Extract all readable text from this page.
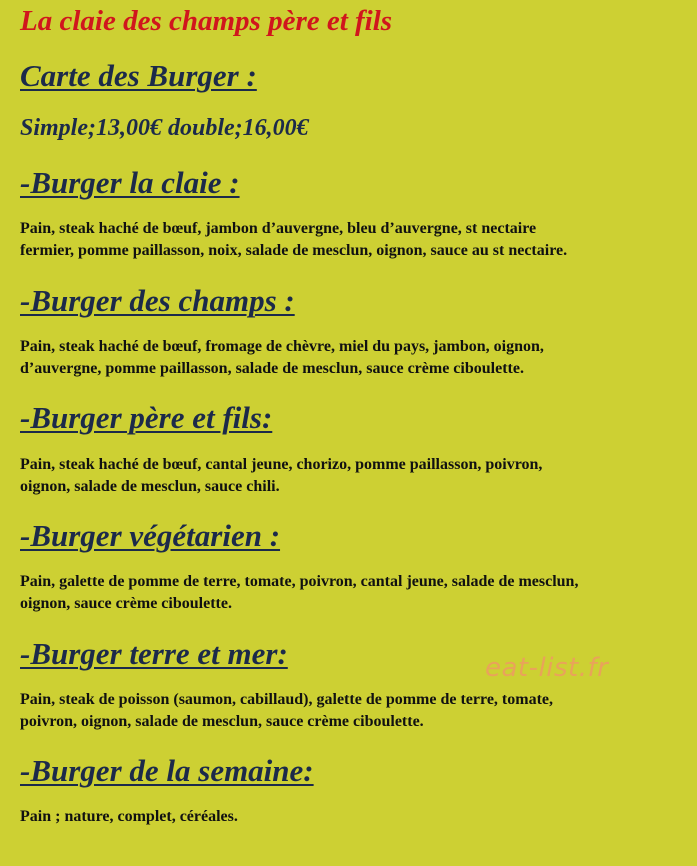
La claie des champs père et fils
Carte des Burger :

Simple;13,00€ double;16,00€

-Burger la claie :

Pain, steak haché de bœuf, jambon d’auvergne, bleu d’auvergne, st nectaire
fermier, pomme paillasson, noix, salade de mesclun, oignon, sauce au st nectaire.

-Burger des champs :

Pain, steak haché de bœuf, fromage de chèvre, miel du pays, jambon, oignon,
d’auvergne, pomme paillasson, salade de mesclun, sauce crème ciboulette.

-Burger père et fils:

Pain, steak haché de bœuf, cantal jeune, chorizo, pomme paillasson, poivron,
oignon, salade de mesclun, sauce chili.

-Burger végétarien :

Pain, galette de pomme de terre, tomate, poivron, cantal jeune, salade de mesclun,
oignon, sauce crème ciboulette.

-Burger terre et mer:

Pain, steak de poisson (saumon, cabillaud), galette de pomme de terre, tomate,
poivron, oignon, salade de mesclun, sauce crème ciboulette.

-Burger de la semaine:

Pain ; nature, complet, céréales.

eat-list.fr
